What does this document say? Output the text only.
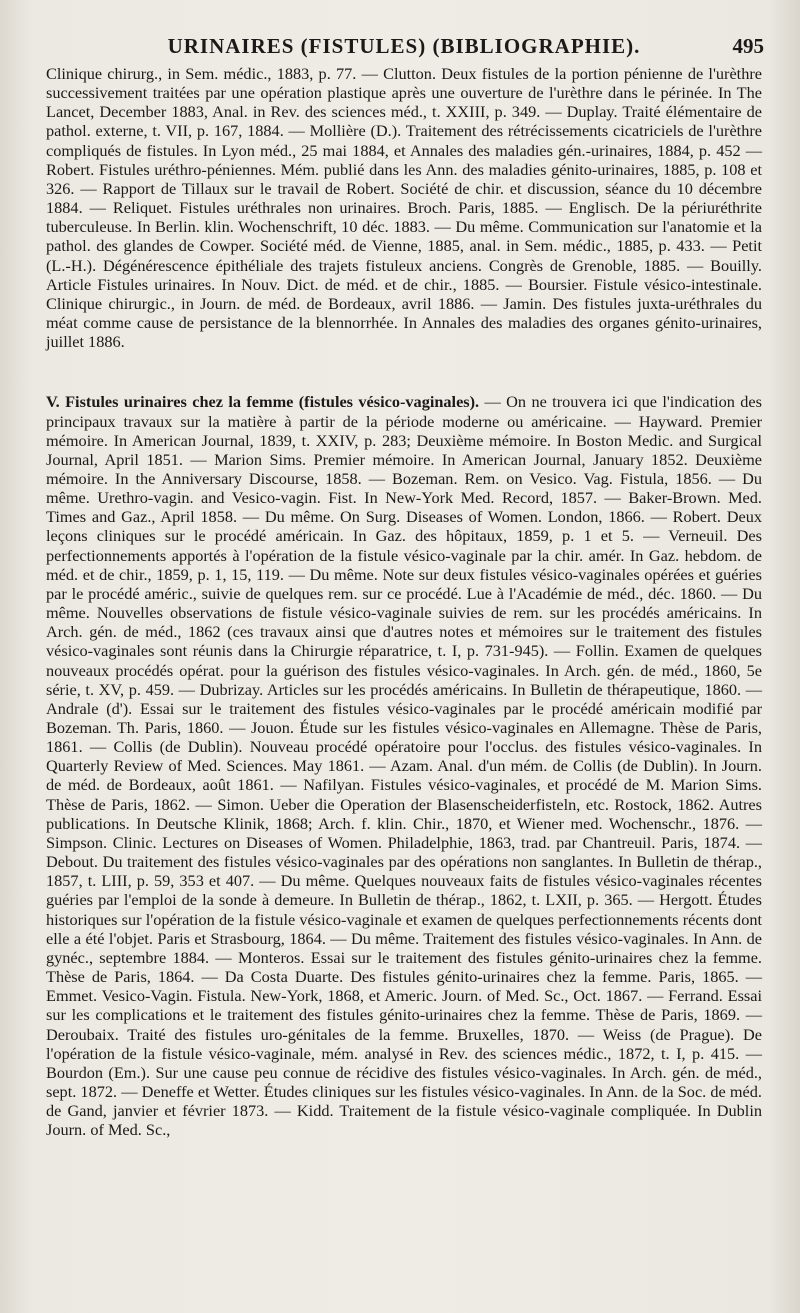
URINAIRES (FISTULES) (BIBLIOGRAPHIE).	495

Clinique chirurg., in Sem. médic., 1883, p. 77. — Clutton. Deux fistules de la portion pénienne de l'urèthre successivement traitées par une opération plastique après une ouverture de l'urèthre dans le périnée. In The Lancet, December 1883, Anal. in Rev. des sciences méd., t. XXIII, p. 349. — Duplay. Traité élémentaire de pathol. externe, t. VII, p. 167, 1884. — Mollière (D.). Traitement des rétrécissements cicatriciels de l'urèthre compliqués de fistules. In Lyon méd., 25 mai 1884, et Annales des maladies gén.-urinaires, 1884, p. 452 — Robert. Fistules uréthro-péniennes. Mém. publié dans les Ann. des maladies génito-urinaires, 1885, p. 108 et 326. — Rapport de Tillaux sur le travail de Robert. Société de chir. et discussion, séance du 10 décembre 1884. — Reliquet. Fistules uréthrales non urinaires. Broch. Paris, 1885. — Englisch. De la périuréthrite tuberculeuse. In Berlin. klin. Wochenschrift, 10 déc. 1883. — Du même. Communication sur l'anatomie et la pathol. des glandes de Cowper. Société méd. de Vienne, 1885, anal. in Sem. médic., 1885, p. 433. — Petit (L.-H.). Dégénérescence épithéliale des trajets fistuleux anciens. Congrès de Grenoble, 1885. — Bouilly. Article Fistules urinaires. In Nouv. Dict. de méd. et de chir., 1885. — Boursier. Fistule vésico-intestinale. Clinique chirurgic., in Journ. de méd. de Bordeaux, avril 1886. — Jamin. Des fistules juxta-uréthrales du méat comme cause de persistance de la blennorrhée. In Annales des maladies des organes génito-urinaires, juillet 1886.

V. Fistules urinaires chez la femme (fistules vésico-vaginales). — On ne trouvera ici que l'indication des principaux travaux sur la matière à partir de la période moderne ou américaine. — Hayward. Premier mémoire. In American Journal, 1839, t. XXIV, p. 283; Deuxième mémoire. In Boston Medic. and Surgical Journal, April 1851. — Marion Sims. Premier mémoire. In American Journal, January 1852. Deuxième mémoire. In the Anniversary Discourse, 1858. — Bozeman. Rem. on Vesico. Vag. Fistula, 1856. — Du même. Urethro-vagin. and Vesico-vagin. Fist. In New-York Med. Record, 1857. — Baker-Brown. Med. Times and Gaz., April 1858. — Du même. On Surg. Diseases of Women. London, 1866. — Robert. Deux leçons cliniques sur le procédé américain. In Gaz. des hôpitaux, 1859, p. 1 et 5. — Verneuil. Des perfectionnements apportés à l'opération de la fistule vésico-vaginale par la chir. amér. In Gaz. hebdom. de méd. et de chir., 1859, p. 1, 15, 119. — Du même. Note sur deux fistules vésico-vaginales opérées et guéries par le procédé améric., suivie de quelques rem. sur ce procédé. Lue à l'Académie de méd., déc. 1860. — Du même. Nouvelles observations de fistule vésico-vaginale suivies de rem. sur les procédés américains. In Arch. gén. de méd., 1862 (ces travaux ainsi que d'autres notes et mémoires sur le traitement des fistules vésico-vaginales sont réunis dans la Chirurgie réparatrice, t. I, p. 731-945). — Follin. Examen de quelques nouveaux procédés opérat. pour la guérison des fistules vésico-vaginales. In Arch. gén. de méd., 1860, 5e série, t. XV, p. 459. — Dubrizay. Articles sur les procédés américains. In Bulletin de thérapeutique, 1860. — Andrale (d'). Essai sur le traitement des fistules vésico-vaginales par le procédé américain modifié par Bozeman. Th. Paris, 1860. — Jouon. Étude sur les fistules vésico-vaginales en Allemagne. Thèse de Paris, 1861. — Collis (de Dublin). Nouveau procédé opératoire pour l'occlus. des fistules vésico-vaginales. In Quarterly Review of Med. Sciences. May 1861. — Azam. Anal. d'un mém. de Collis (de Dublin). In Journ. de méd. de Bordeaux, août 1861. — Nafilyan. Fistules vésico-vaginales, et procédé de M. Marion Sims. Thèse de Paris, 1862. — Simon. Ueber die Operation der Blasenscheiderfisteln, etc. Rostock, 1862. Autres publications. In Deutsche Klinik, 1868; Arch. f. klin. Chir., 1870, et Wiener med. Wochenschr., 1876. — Simpson. Clinic. Lectures on Diseases of Women. Philadelphie, 1863, trad. par Chantreuil. Paris, 1874. — Debout. Du traitement des fistules vésico-vaginales par des opérations non sanglantes. In Bulletin de thérap., 1857, t. LIII, p. 59, 353 et 407. — Du même. Quelques nouveaux faits de fistules vésico-vaginales récentes guéries par l'emploi de la sonde à demeure. In Bulletin de thérap., 1862, t. LXII, p. 365. — Hergott. Études historiques sur l'opération de la fistule vésico-vaginale et examen de quelques perfectionnements récents dont elle a été l'objet. Paris et Strasbourg, 1864. — Du même. Traitement des fistules vésico-vaginales. In Ann. de gynéc., septembre 1884. — Monteros. Essai sur le traitement des fistules génito-urinaires chez la femme. Thèse de Paris, 1864. — Da Costa Duarte. Des fistules génito-urinaires chez la femme. Paris, 1865. — Emmet. Vesico-Vagin. Fistula. New-York, 1868, et Americ. Journ. of Med. Sc., Oct. 1867. — Ferrand. Essai sur les complications et le traitement des fistules génito-urinaires chez la femme. Thèse de Paris, 1869. — Deroubaix. Traité des fistules uro-génitales de la femme. Bruxelles, 1870. — Weiss (de Prague). De l'opération de la fistule vésico-vaginale, mém. analysé in Rev. des sciences médic., 1872, t. I, p. 415. — Bourdon (Em.). Sur une cause peu connue de récidive des fistules vésico-vaginales. In Arch. gén. de méd., sept. 1872. — Deneffe et Wetter. Études cliniques sur les fistules vésico-vaginales. In Ann. de la Soc. de méd. de Gand, janvier et février 1873. — Kidd. Traitement de la fistule vésico-vaginale compliquée. In Dublin Journ. of Med. Sc.,
